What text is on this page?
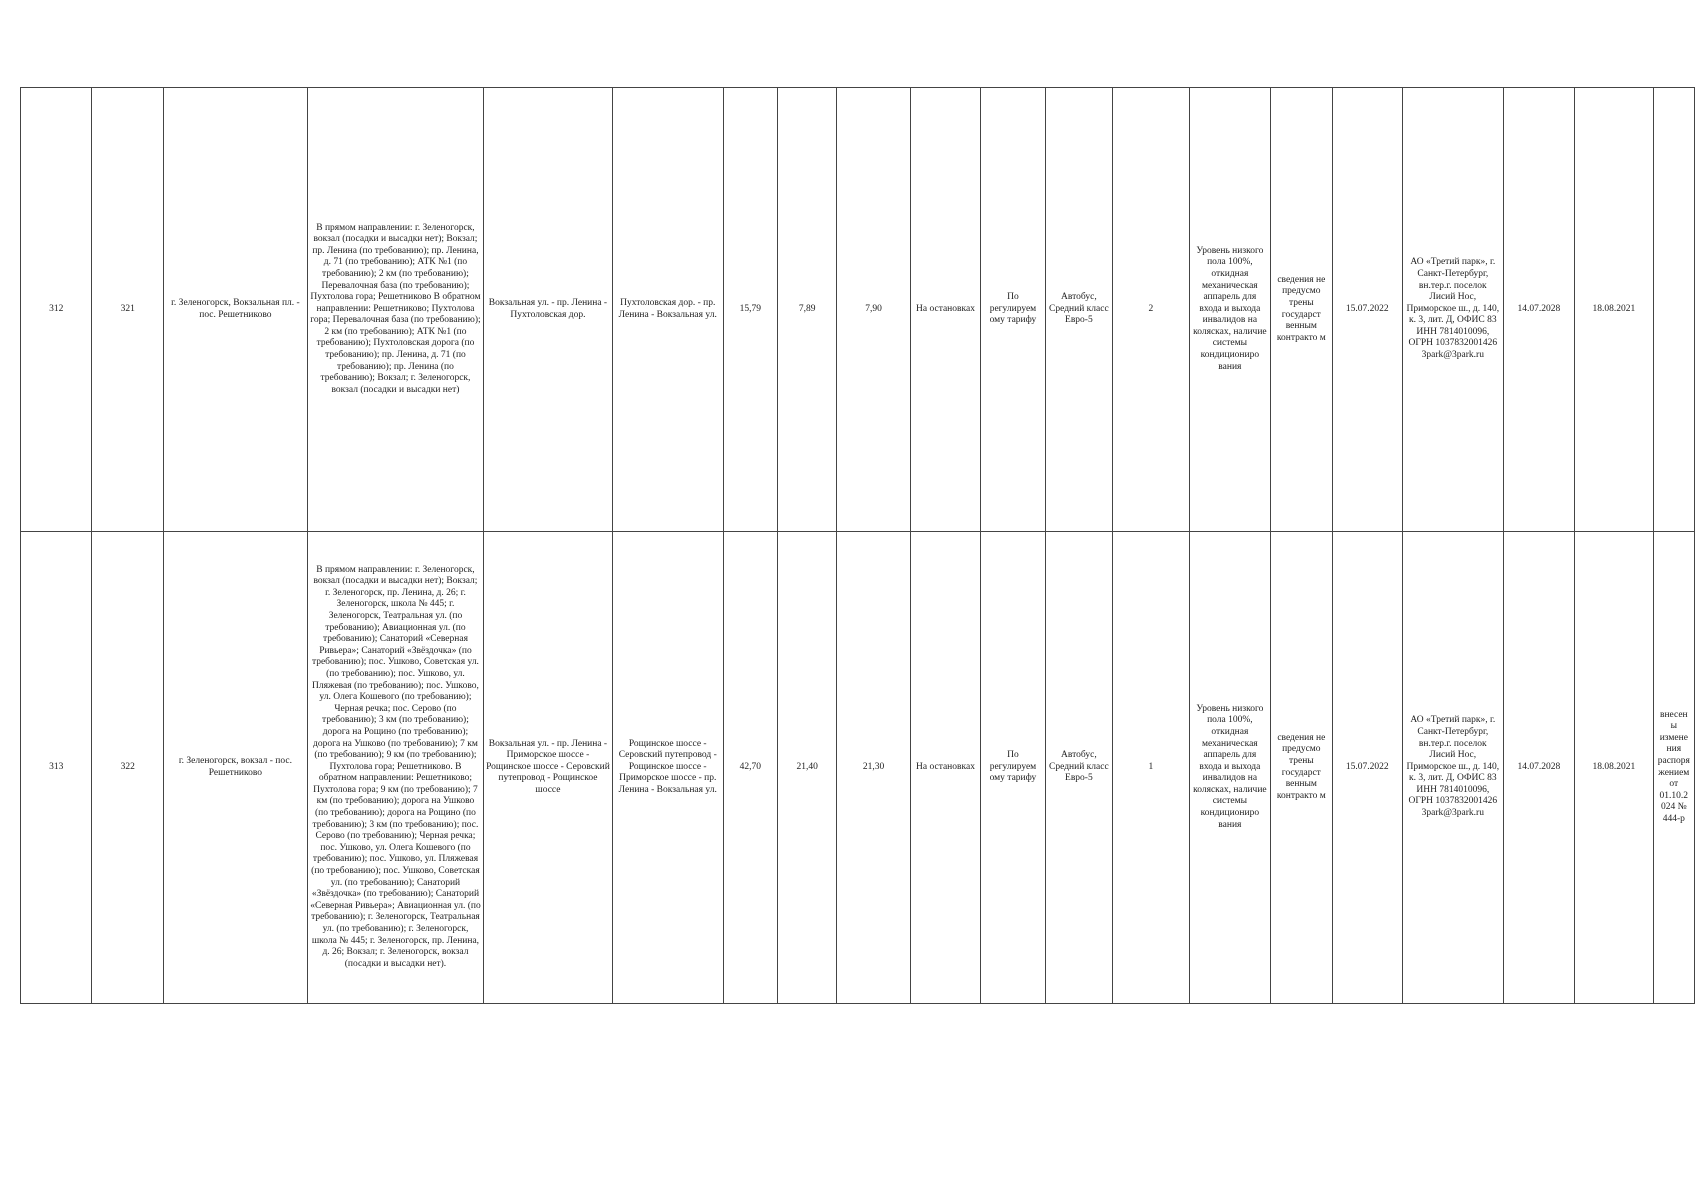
312	321	г. Зеленогорск, Вокзальная пл. - пос. Решетниково	В прямом направлении: г. Зеленогорск, вокзал (посадки и высадки нет); Вокзал; пр. Ленина (по требованию); пр. Ленина, д. 71 (по требованию); АТК №1 (по требованию); 2 км (по требованию); Перевалочная база (по требованию); Пухтолова гора; Решетниково В обратном направлении: Решетниково; Пухтолова гора; Перевалочная база (по требованию); 2 км (по требованию); АТК №1 (по требованию); Пухтоловская дорога (по требованию); пр. Ленина, д. 71 (по требованию); пр. Ленина (по требованию); Вокзал; г. Зеленогорск, вокзал (посадки и высадки нет)	Вокзальная ул. - пр. Ленина - Пухтоловская дор.	Пухтоловская дор. - пр. Ленина - Вокзальная ул.	15,79	7,89	7,90	На остановках	По регулируем ому тарифу	Автобус, Средний класс Евро-5	2	Уровень низкого пола 100%, откидная механическая аппарель для входа и выхода инвалидов на колясках, наличие системы кондициониро вания	сведения не предусмо трены государст венным контракто м	15.07.2022	АО «Третий парк», г. Санкт-Петербург, вн.тер.г. поселок Лисий Нос, Приморское ш., д. 140, к. 3, лит. Д, ОФИС 83 ИНН 7814010096, ОГРН 1037832001426 3park@3park.ru	14.07.2028	18.08.2021	
313	322	г. Зеленогорск, вокзал - пос. Решетниково	В прямом направлении: г. Зеленогорск, вокзал (посадки и высадки нет); Вокзал; г. Зеленогорск, пр. Ленина, д. 26; г. Зеленогорск, школа № 445; г. Зеленогорск, Театральная ул. (по требованию); Авиационная ул. (по требованию); Санаторий «Северная Ривьера»; Санаторий «Звёздочка» (по требованию); пос. Ушково, Советская ул. (по требованию); пос. Ушково, ул. Пляжевая (по требованию); пос. Ушково, ул. Олега Кошевого (по требованию); Черная речка; пос. Серово (по требованию); 3 км (по требованию); дорога на Рощино (по требованию); дорога на Ушково (по требованию); 7 км (по требованию); 9 км (по требованию); Пухтолова гора; Решетниково. В обратном направлении: Решетниково; Пухтолова гора; 9 км (по требованию); 7 км (по требованию); дорога на Ушково (по требованию); дорога на Рощино (по требованию); 3 км (по требованию); пос. Серово (по требованию); Черная речка; пос. Ушково, ул. Олега Кошевого (по требованию); пос. Ушково, ул. Пляжевая (по требованию); пос. Ушково, Советская ул. (по требованию); Санаторий «Звёздочка» (по требованию); Санаторий «Северная Ривьера»; Авиационная ул. (по требованию); г. Зеленогорск, Театральная ул. (по требованию); г. Зеленогорск, школа № 445; г. Зеленогорск, пр. Ленина, д. 26; Вокзал; г. Зеленогорск, вокзал (посадки и высадки нет).	Вокзальная ул. - пр. Ленина - Приморское шоссе - Рощинское шоссе - Серовский путепровод - Рощинское шоссе	Рощинское шоссе - Серовский путепровод - Рощинское шоссе - Приморское шоссе - пр. Ленина - Вокзальная ул.	42,70	21,40	21,30	На остановках	По регулируем ому тарифу	Автобус, Средний класс Евро-5	1	Уровень низкого пола 100%, откидная механическая аппарель для входа и выхода инвалидов на колясках, наличие системы кондициониро вания	сведения не предусмо трены государст венным контракто м	15.07.2022	АО «Третий парк», г. Санкт-Петербург, вн.тер.г. поселок Лисий Нос, Приморское ш., д. 140, к. 3, лит. Д, ОФИС 83 ИНН 7814010096, ОГРН 1037832001426 3park@3park.ru	14.07.2028	18.08.2021	внесен ы измене ния распоря жением от 01.10.2 024 № 444-р
